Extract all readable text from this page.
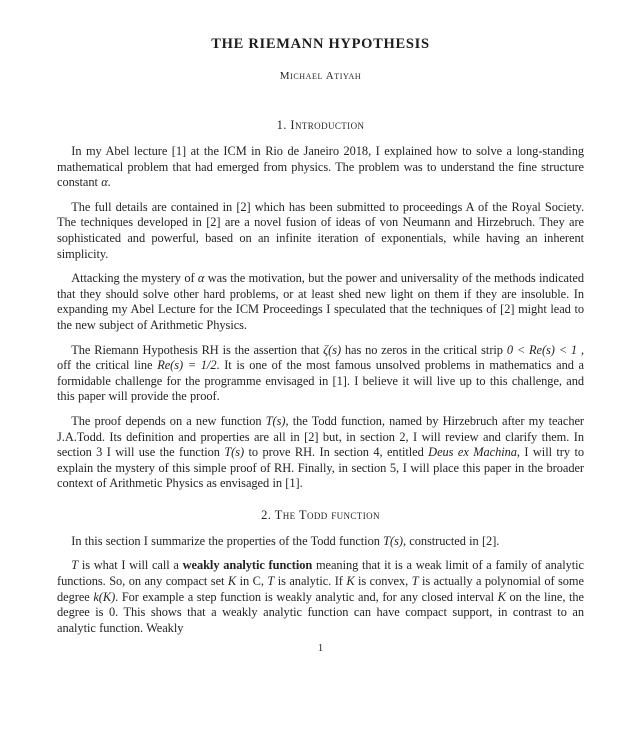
THE RIEMANN HYPOTHESIS
Michael Atiyah
1. Introduction

In my Abel lecture [1] at the ICM in Rio de Janeiro 2018, I explained how to solve a long-standing mathematical problem that had emerged from physics. The problem was to understand the fine structure constant α.

The full details are contained in [2] which has been submitted to proceedings A of the Royal Society. The techniques developed in [2] are a novel fusion of ideas of von Neumann and Hirzebruch. They are sophisticated and powerful, based on an infinite iteration of exponentials, while having an inherent simplicity.

Attacking the mystery of α was the motivation, but the power and universality of the methods indicated that they should solve other hard problems, or at least shed new light on them if they are insoluble. In expanding my Abel Lecture for the ICM Proceedings I speculated that the techniques of [2] might lead to the new subject of Arithmetic Physics.

The Riemann Hypothesis RH is the assertion that ζ(s) has no zeros in the critical strip 0 < Re(s) < 1 , off the critical line Re(s) = 1/2. It is one of the most famous unsolved problems in mathematics and a formidable challenge for the programme envisaged in [1]. I believe it will live up to this challenge, and this paper will provide the proof.

The proof depends on a new function T(s), the Todd function, named by Hirzebruch after my teacher J.A.Todd. Its definition and properties are all in [2] but, in section 2, I will review and clarify them. In section 3 I will use the function T(s) to prove RH. In section 4, entitled Deus ex Machina, I will try to explain the mystery of this simple proof of RH. Finally, in section 5, I will place this paper in the broader context of Arithmetic Physics as envisaged in [1].

2. The Todd function

In this section I summarize the properties of the Todd function T(s), constructed in [2].

T is what I will call a weakly analytic function meaning that it is a weak limit of a family of analytic functions. So, on any compact set K in C, T is analytic. If K is convex, T is actually a polynomial of some degree k(K). For example a step function is weakly analytic and, for any closed interval K on the line, the degree is 0. This shows that a weakly analytic function can have compact support, in contrast to an analytic function. Weakly

1
